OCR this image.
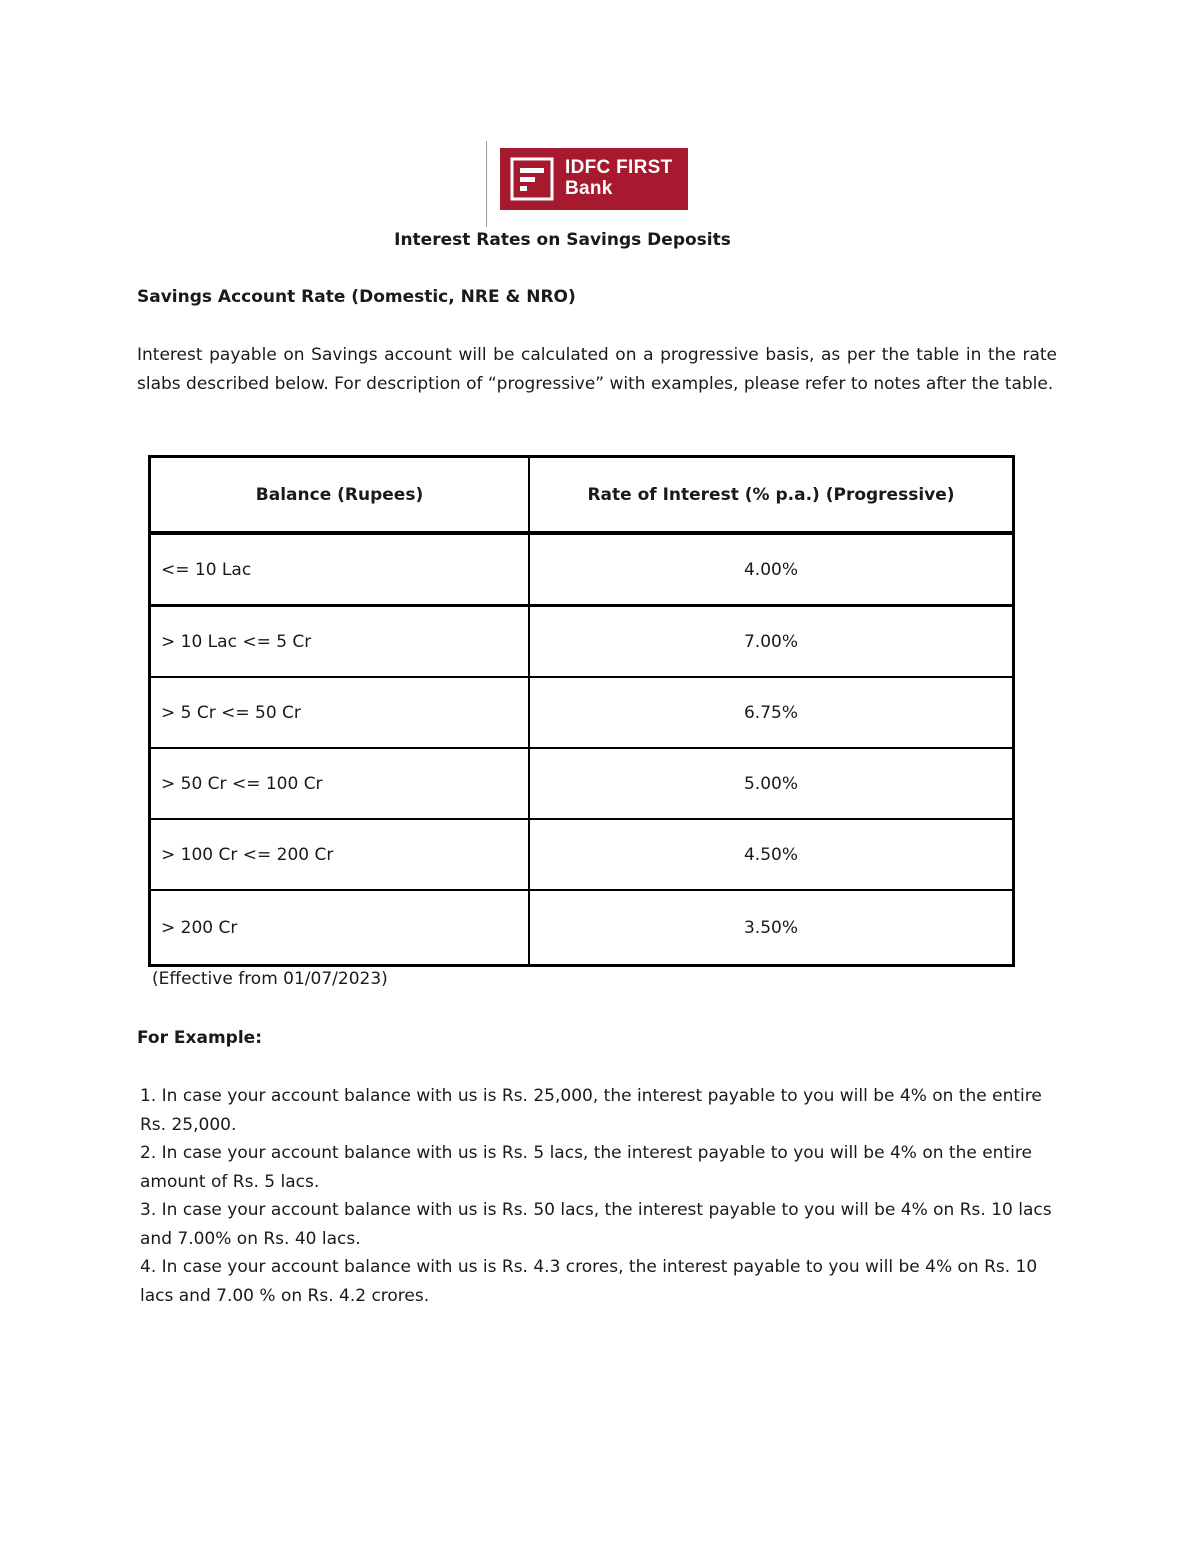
IDFC FIRST
Bank
Interest Rates on Savings Deposits
Savings Account Rate (Domestic, NRE & NRO)

Interest payable on Savings account will be calculated on a progressive basis, as per the table in the rate slabs described below. For description of “progressive” with examples, please refer to notes after the table.

Balance (Rupees)	Rate of Interest (% p.a.) (Progressive)
<= 10 Lac	4.00%
> 10 Lac <= 5 Cr	7.00%
> 5 Cr <= 50 Cr	6.75%
> 50 Cr <= 100 Cr	5.00%
> 100 Cr <= 200 Cr	4.50%
> 200 Cr	3.50%
(Effective from 01/07/2023)
For Example:

1. In case your account balance with us is Rs. 25,000, the interest payable to you will be 4% on the entire Rs. 25,000.

2. In case your account balance with us is Rs. 5 lacs, the interest payable to you will be 4% on the entire amount of Rs. 5 lacs.

3. In case your account balance with us is Rs. 50 lacs, the interest payable to you will be 4% on Rs. 10 lacs and 7.00% on Rs. 40 lacs.

4. In case your account balance with us is Rs. 4.3 crores, the interest payable to you will be 4% on Rs. 10 lacs and 7.00 % on Rs. 4.2 crores.
